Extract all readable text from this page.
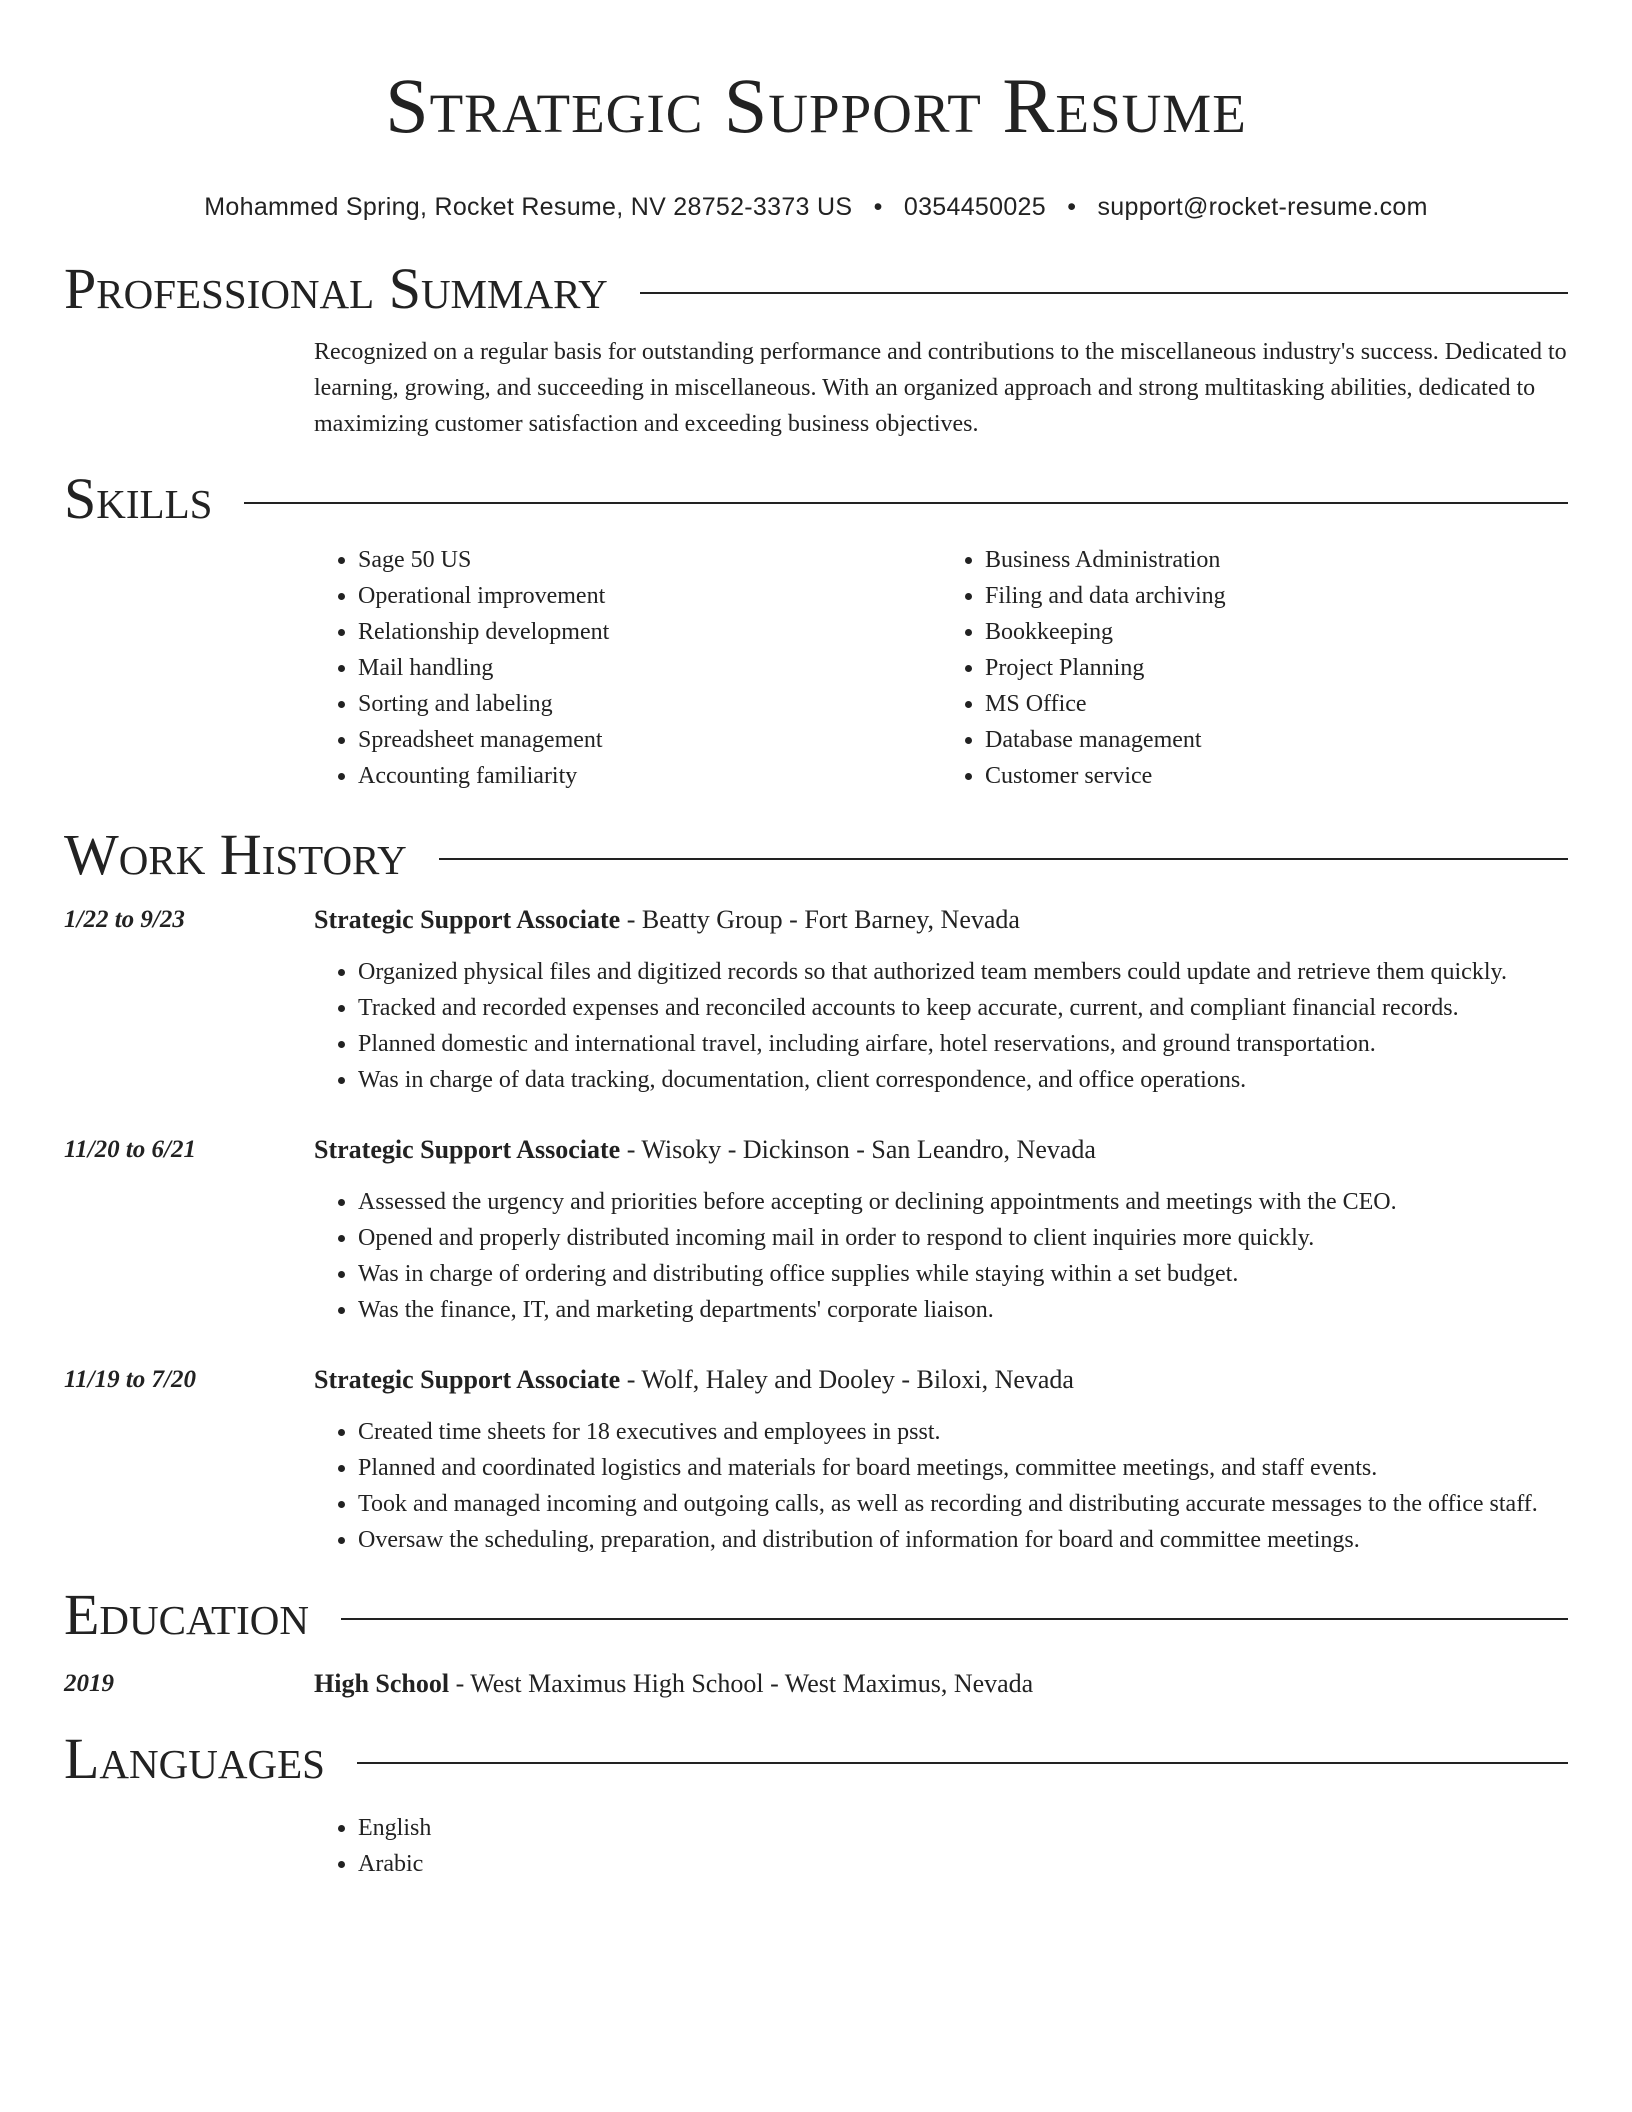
Strategic Support Resume
Mohammed Spring, Rocket Resume, NV 28752-3373 US • 0354450025 • support@rocket-resume.com
Professional Summary
Recognized on a regular basis for outstanding performance and contributions to the miscellaneous industry's success. Dedicated to learning, growing, and succeeding in miscellaneous. With an organized approach and strong multitasking abilities, dedicated to maximizing customer satisfaction and exceeding business objectives.
Skills
• Sage 50 US
• Operational improvement
• Relationship development
• Mail handling
• Sorting and labeling
• Spreadsheet management
• Accounting familiarity
• Business Administration
• Filing and data archiving
• Bookkeeping
• Project Planning
• MS Office
• Database management
• Customer service
Work History
1/22 to 9/23	Strategic Support Associate - Beatty Group - Fort Barney, Nevada
• Organized physical files and digitized records so that authorized team members could update and retrieve them quickly.
• Tracked and recorded expenses and reconciled accounts to keep accurate, current, and compliant financial records.
• Planned domestic and international travel, including airfare, hotel reservations, and ground transportation.
• Was in charge of data tracking, documentation, client correspondence, and office operations.
11/20 to 6/21	Strategic Support Associate - Wisoky - Dickinson - San Leandro, Nevada
• Assessed the urgency and priorities before accepting or declining appointments and meetings with the CEO.
• Opened and properly distributed incoming mail in order to respond to client inquiries more quickly.
• Was in charge of ordering and distributing office supplies while staying within a set budget.
• Was the finance, IT, and marketing departments' corporate liaison.
11/19 to 7/20	Strategic Support Associate - Wolf, Haley and Dooley - Biloxi, Nevada
• Created time sheets for 18 executives and employees in psst.
• Planned and coordinated logistics and materials for board meetings, committee meetings, and staff events.
• Took and managed incoming and outgoing calls, as well as recording and distributing accurate messages to the office staff.
• Oversaw the scheduling, preparation, and distribution of information for board and committee meetings.
Education
2019	High School - West Maximus High School - West Maximus, Nevada
Languages
• English
• Arabic
